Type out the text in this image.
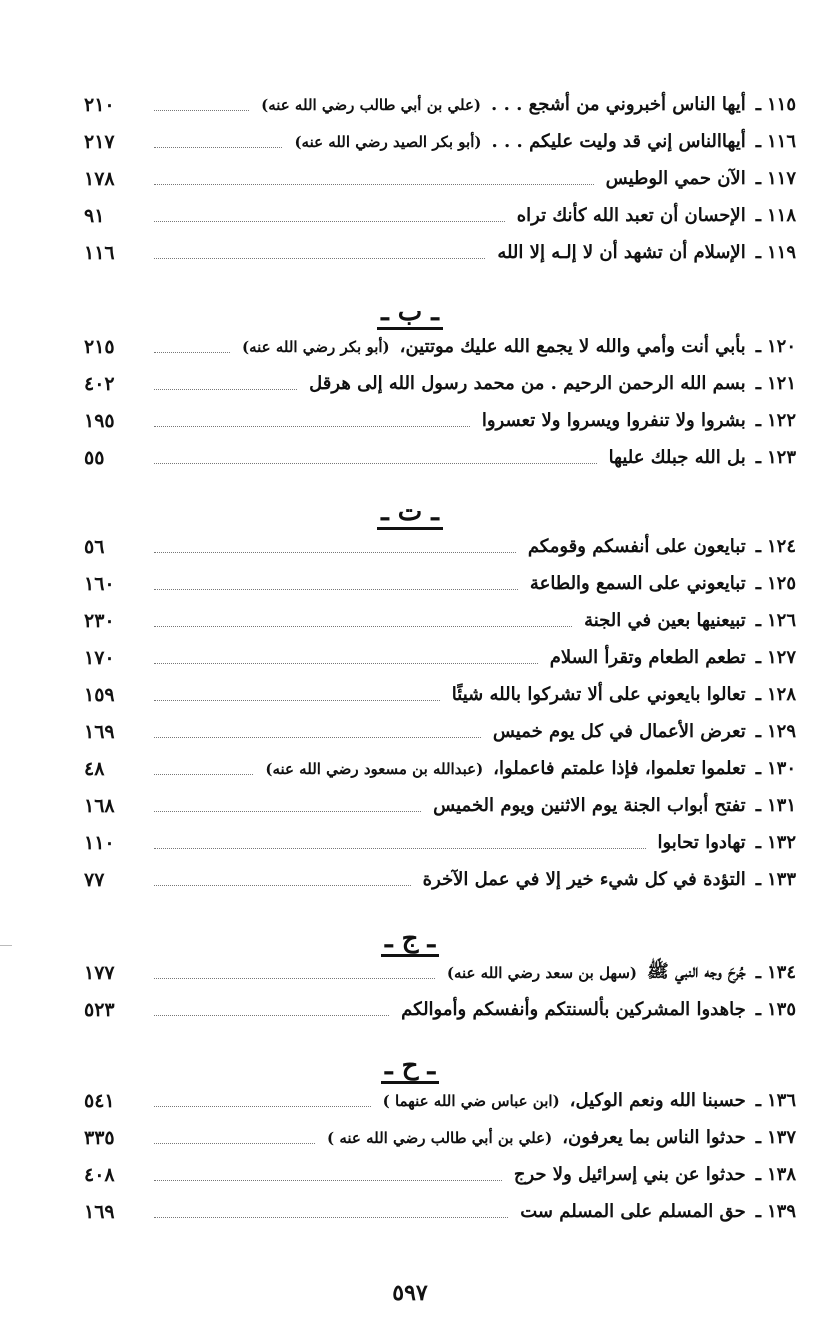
١١٥
ـ
أيها الناس أخبروني من أشجع . . .
(علي بن أبي طالب رضي الله عنه)
٢١٠
١١٦
ـ
أيهاالناس إني قد وليت عليكم . . .
(أبو بكر الصيد رضي الله عنه)
٢١٧
١١٧
ـ
الآن حمي الوطيس
١٧٨
١١٨
ـ
الإحسان أن تعبد الله كأنك تراه
٩١
١١٩
ـ
الإسلام أن تشهد أن لا إلـه إلا الله
١١٦
ـ ب ـ
١٢٠
ـ
بأبي أنت وأمي والله لا يجمع الله عليك موتتين،
(أبو بكر رضي الله عنه)
٢١٥
١٢١
ـ
بسم الله الرحمن الرحيم . من محمد رسول الله إلى هرقل
٤٠٢
١٢٢
ـ
بشروا ولا تنفروا ويسروا ولا تعسروا
١٩٥
١٢٣
ـ
بل الله جبلك عليها
٥٥
ـ ت ـ
١٢٤
ـ
تبايعون على أنفسكم وقومكم
٥٦
١٢٥
ـ
تبايعوني على السمع والطاعة
١٦٠
١٢٦
ـ
تبيعنيها بعين في الجنة
٢٣٠
١٢٧
ـ
تطعم الطعام وتقرأ السلام
١٧٠
١٢٨
ـ
تعالوا بايعوني على ألا تشركوا بالله شيئًا
١٥٩
١٢٩
ـ
تعرض الأعمال في كل يوم خميس
١٦٩
١٣٠
ـ
تعلموا تعلموا، فإذا علمتم فاعملوا،
(عبدالله بن مسعود رضي الله عنه)
٤٨
١٣١
ـ
تفتح أبواب الجنة يوم الاثنين ويوم الخميس
١٦٨
١٣٢
ـ
تهادوا تحابوا
١١٠
١٣٣
ـ
التؤدة في كل شيء خير إلا في عمل الآخرة
٧٧
ـ ج ـ
١٣٤
ـ
جُرحَ وجه النبي ﷺ
(سهل بن سعد رضي الله عنه)
١٧٧
١٣٥
ـ
جاهدوا المشركين بألسنتكم وأنفسكم وأموالكم
٥٢٣
ـ ح ـ
١٣٦
ـ
حسبنا الله ونعم الوكيل،
(ابن عباس ضي الله عنهما )
٥٤١
١٣٧
ـ
حدثوا الناس بما يعرفون،
(علي بن أبي طالب رضي الله عنه )
٣٣٥
١٣٨
ـ
حدثوا عن بني إسرائيل ولا حرج
٤٠٨
١٣٩
ـ
حق المسلم على المسلم ست
١٦٩
٥٩٧
